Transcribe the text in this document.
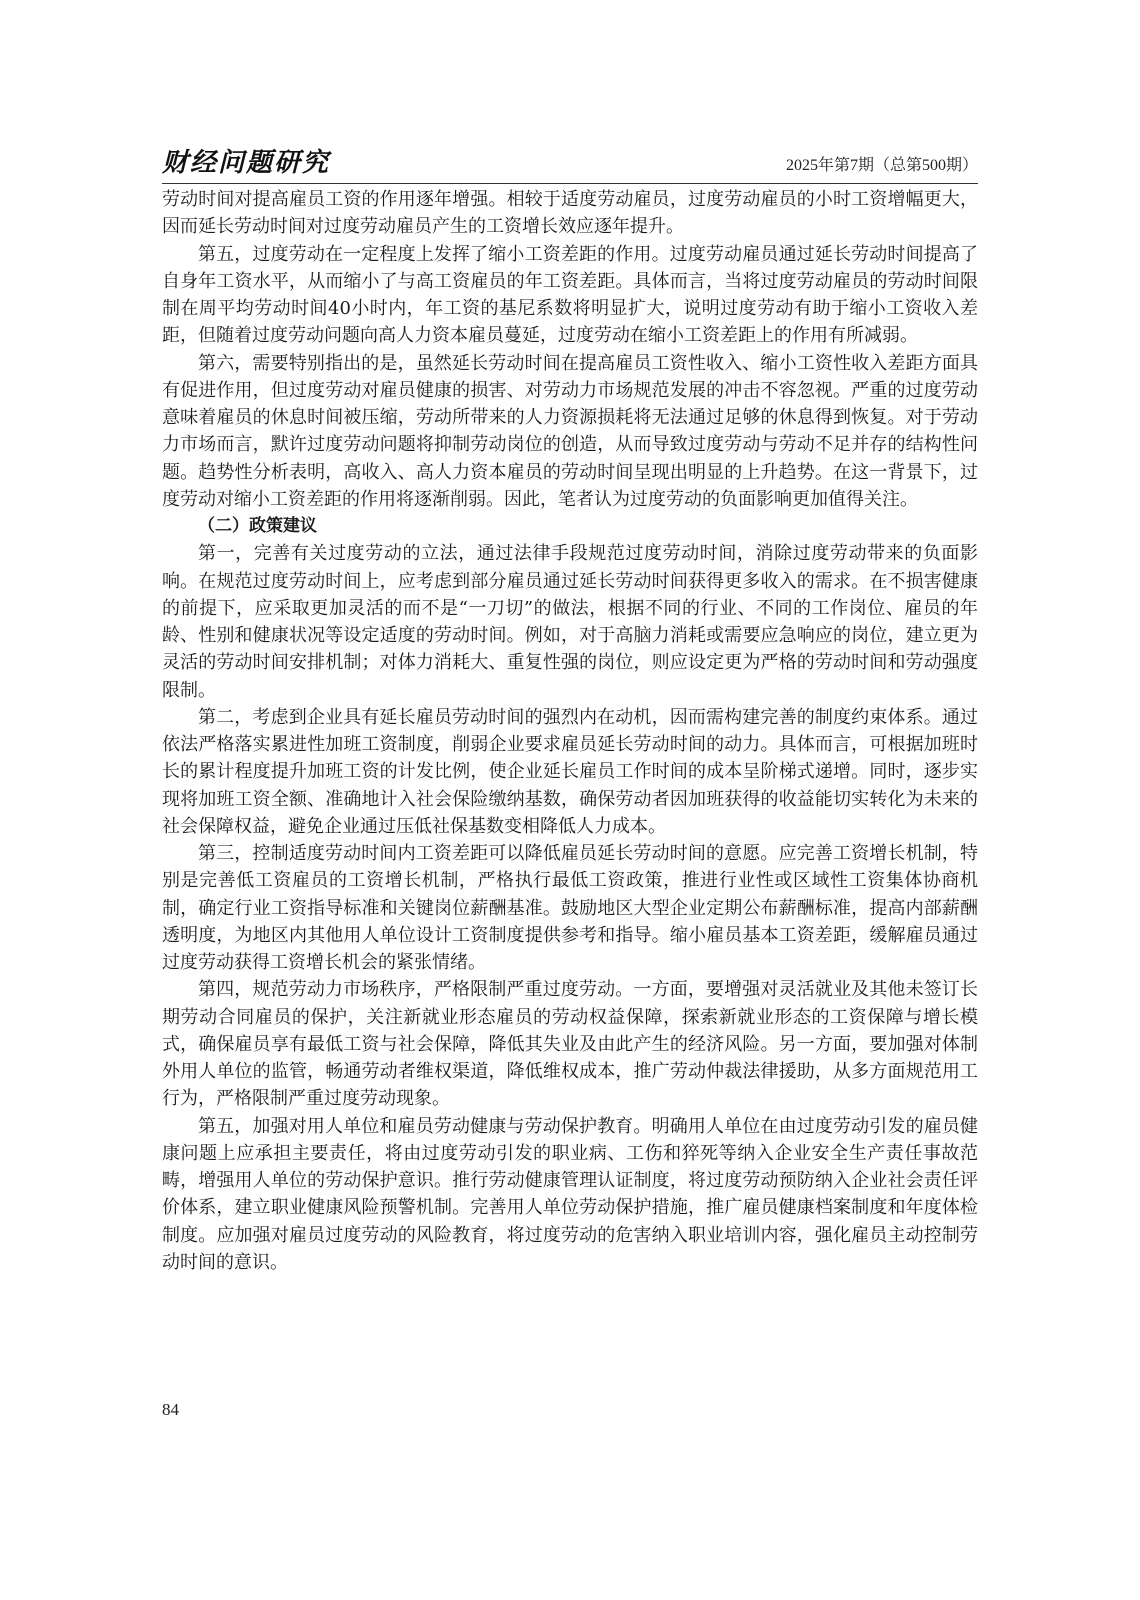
财经问题研究	2025年第7期（总第500期）

劳动时间对提高雇员工资的作用逐年增强。相较于适度劳动雇员，过度劳动雇员的小时工资增幅更大，因而延长劳动时间对过度劳动雇员产生的工资增长效应逐年提升。

第五，过度劳动在一定程度上发挥了缩小工资差距的作用。过度劳动雇员通过延长劳动时间提高了自身年工资水平，从而缩小了与高工资雇员的年工资差距。具体而言，当将过度劳动雇员的劳动时间限制在周平均劳动时间40小时内，年工资的基尼系数将明显扩大，说明过度劳动有助于缩小工资收入差距，但随着过度劳动问题向高人力资本雇员蔓延，过度劳动在缩小工资差距上的作用有所减弱。

第六，需要特别指出的是，虽然延长劳动时间在提高雇员工资性收入、缩小工资性收入差距方面具有促进作用，但过度劳动对雇员健康的损害、对劳动力市场规范发展的冲击不容忽视。严重的过度劳动意味着雇员的休息时间被压缩，劳动所带来的人力资源损耗将无法通过足够的休息得到恢复。对于劳动力市场而言，默许过度劳动问题将抑制劳动岗位的创造，从而导致过度劳动与劳动不足并存的结构性问题。趋势性分析表明，高收入、高人力资本雇员的劳动时间呈现出明显的上升趋势。在这一背景下，过度劳动对缩小工资差距的作用将逐渐削弱。因此，笔者认为过度劳动的负面影响更加值得关注。

（二）政策建议

第一，完善有关过度劳动的立法，通过法律手段规范过度劳动时间，消除过度劳动带来的负面影响。在规范过度劳动时间上，应考虑到部分雇员通过延长劳动时间获得更多收入的需求。在不损害健康的前提下，应采取更加灵活的而不是“一刀切”的做法，根据不同的行业、不同的工作岗位、雇员的年龄、性别和健康状况等设定适度的劳动时间。例如，对于高脑力消耗或需要应急响应的岗位，建立更为灵活的劳动时间安排机制；对体力消耗大、重复性强的岗位，则应设定更为严格的劳动时间和劳动强度限制。

第二，考虑到企业具有延长雇员劳动时间的强烈内在动机，因而需构建完善的制度约束体系。通过依法严格落实累进性加班工资制度，削弱企业要求雇员延长劳动时间的动力。具体而言，可根据加班时长的累计程度提升加班工资的计发比例，使企业延长雇员工作时间的成本呈阶梯式递增。同时，逐步实现将加班工资全额、准确地计入社会保险缴纳基数，确保劳动者因加班获得的收益能切实转化为未来的社会保障权益，避免企业通过压低社保基数变相降低人力成本。

第三，控制适度劳动时间内工资差距可以降低雇员延长劳动时间的意愿。应完善工资增长机制，特别是完善低工资雇员的工资增长机制，严格执行最低工资政策，推进行业性或区域性工资集体协商机制，确定行业工资指导标准和关键岗位薪酬基准。鼓励地区大型企业定期公布薪酬标准，提高内部薪酬透明度，为地区内其他用人单位设计工资制度提供参考和指导。缩小雇员基本工资差距，缓解雇员通过过度劳动获得工资增长机会的紧张情绪。

第四，规范劳动力市场秩序，严格限制严重过度劳动。一方面，要增强对灵活就业及其他未签订长期劳动合同雇员的保护，关注新就业形态雇员的劳动权益保障，探索新就业形态的工资保障与增长模式，确保雇员享有最低工资与社会保障，降低其失业及由此产生的经济风险。另一方面，要加强对体制外用人单位的监管，畅通劳动者维权渠道，降低维权成本，推广劳动仲裁法律援助，从多方面规范用工行为，严格限制严重过度劳动现象。

第五，加强对用人单位和雇员劳动健康与劳动保护教育。明确用人单位在由过度劳动引发的雇员健康问题上应承担主要责任，将由过度劳动引发的职业病、工伤和猝死等纳入企业安全生产责任事故范畴，增强用人单位的劳动保护意识。推行劳动健康管理认证制度，将过度劳动预防纳入企业社会责任评价体系，建立职业健康风险预警机制。完善用人单位劳动保护措施，推广雇员健康档案制度和年度体检制度。应加强对雇员过度劳动的风险教育，将过度劳动的危害纳入职业培训内容，强化雇员主动控制劳动时间的意识。

84
